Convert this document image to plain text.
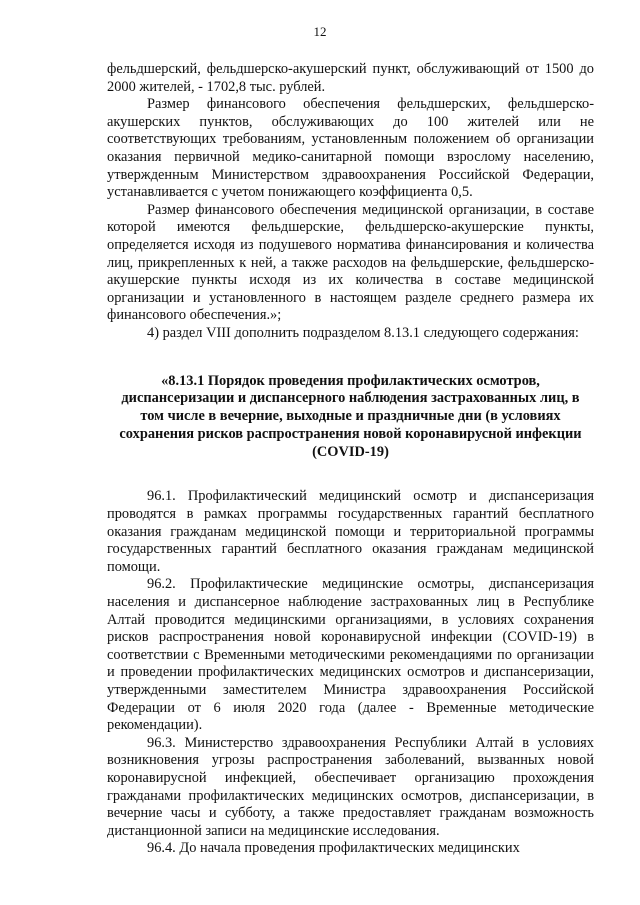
12

фельдшерский, фельдшерско-акушерский пункт, обслуживающий от 1500 до 2000 жителей, - 1702,8 тыс. рублей.

Размер финансового обеспечения фельдшерских, фельдшерско-акушерских пунктов, обслуживающих до 100 жителей или не соответствующих требованиям, установленным положением об организации оказания первичной медико-санитарной помощи взрослому населению, утвержденным Министерством здравоохранения Российской Федерации, устанавливается с учетом понижающего коэффициента 0,5.

Размер финансового обеспечения медицинской организации, в составе которой имеются фельдшерские, фельдшерско-акушерские пункты, определяется исходя из подушевого норматива финансирования и количества лиц, прикрепленных к ней, а также расходов на фельдшерские, фельдшерско-акушерские пункты исходя из их количества в составе медицинской организации и установленного в настоящем разделе среднего размера их финансового обеспечения.»;

4) раздел VIII дополнить подразделом 8.13.1 следующего содержания:

«8.13.1 Порядок проведения профилактических осмотров, диспансеризации и диспансерного наблюдения застрахованных лиц, в том числе в вечерние, выходные и праздничные дни (в условиях сохранения рисков распространения новой коронавирусной инфекции (COVID-19)

96.1. Профилактический медицинский осмотр и диспансеризация проводятся в рамках программы государственных гарантий бесплатного оказания гражданам медицинской помощи и территориальной программы государственных гарантий бесплатного оказания гражданам медицинской помощи.

96.2. Профилактические медицинские осмотры, диспансеризация населения и диспансерное наблюдение застрахованных лиц в Республике Алтай проводится медицинскими организациями, в условиях сохранения рисков распространения новой коронавирусной инфекции (COVID-19) в соответствии с Временными методическими рекомендациями по организации и проведении профилактических медицинских осмотров и диспансеризации, утвержденными заместителем Министра здравоохранения Российской Федерации от 6 июля 2020 года (далее - Временные методические рекомендации).

96.3. Министерство здравоохранения Республики Алтай в условиях возникновения угрозы распространения заболеваний, вызванных новой коронавирусной инфекцией, обеспечивает организацию прохождения гражданами профилактических медицинских осмотров, диспансеризации, в вечерние часы и субботу, а также предоставляет гражданам возможность дистанционной записи на медицинские исследования.

96.4. До начала проведения профилактических медицинских
